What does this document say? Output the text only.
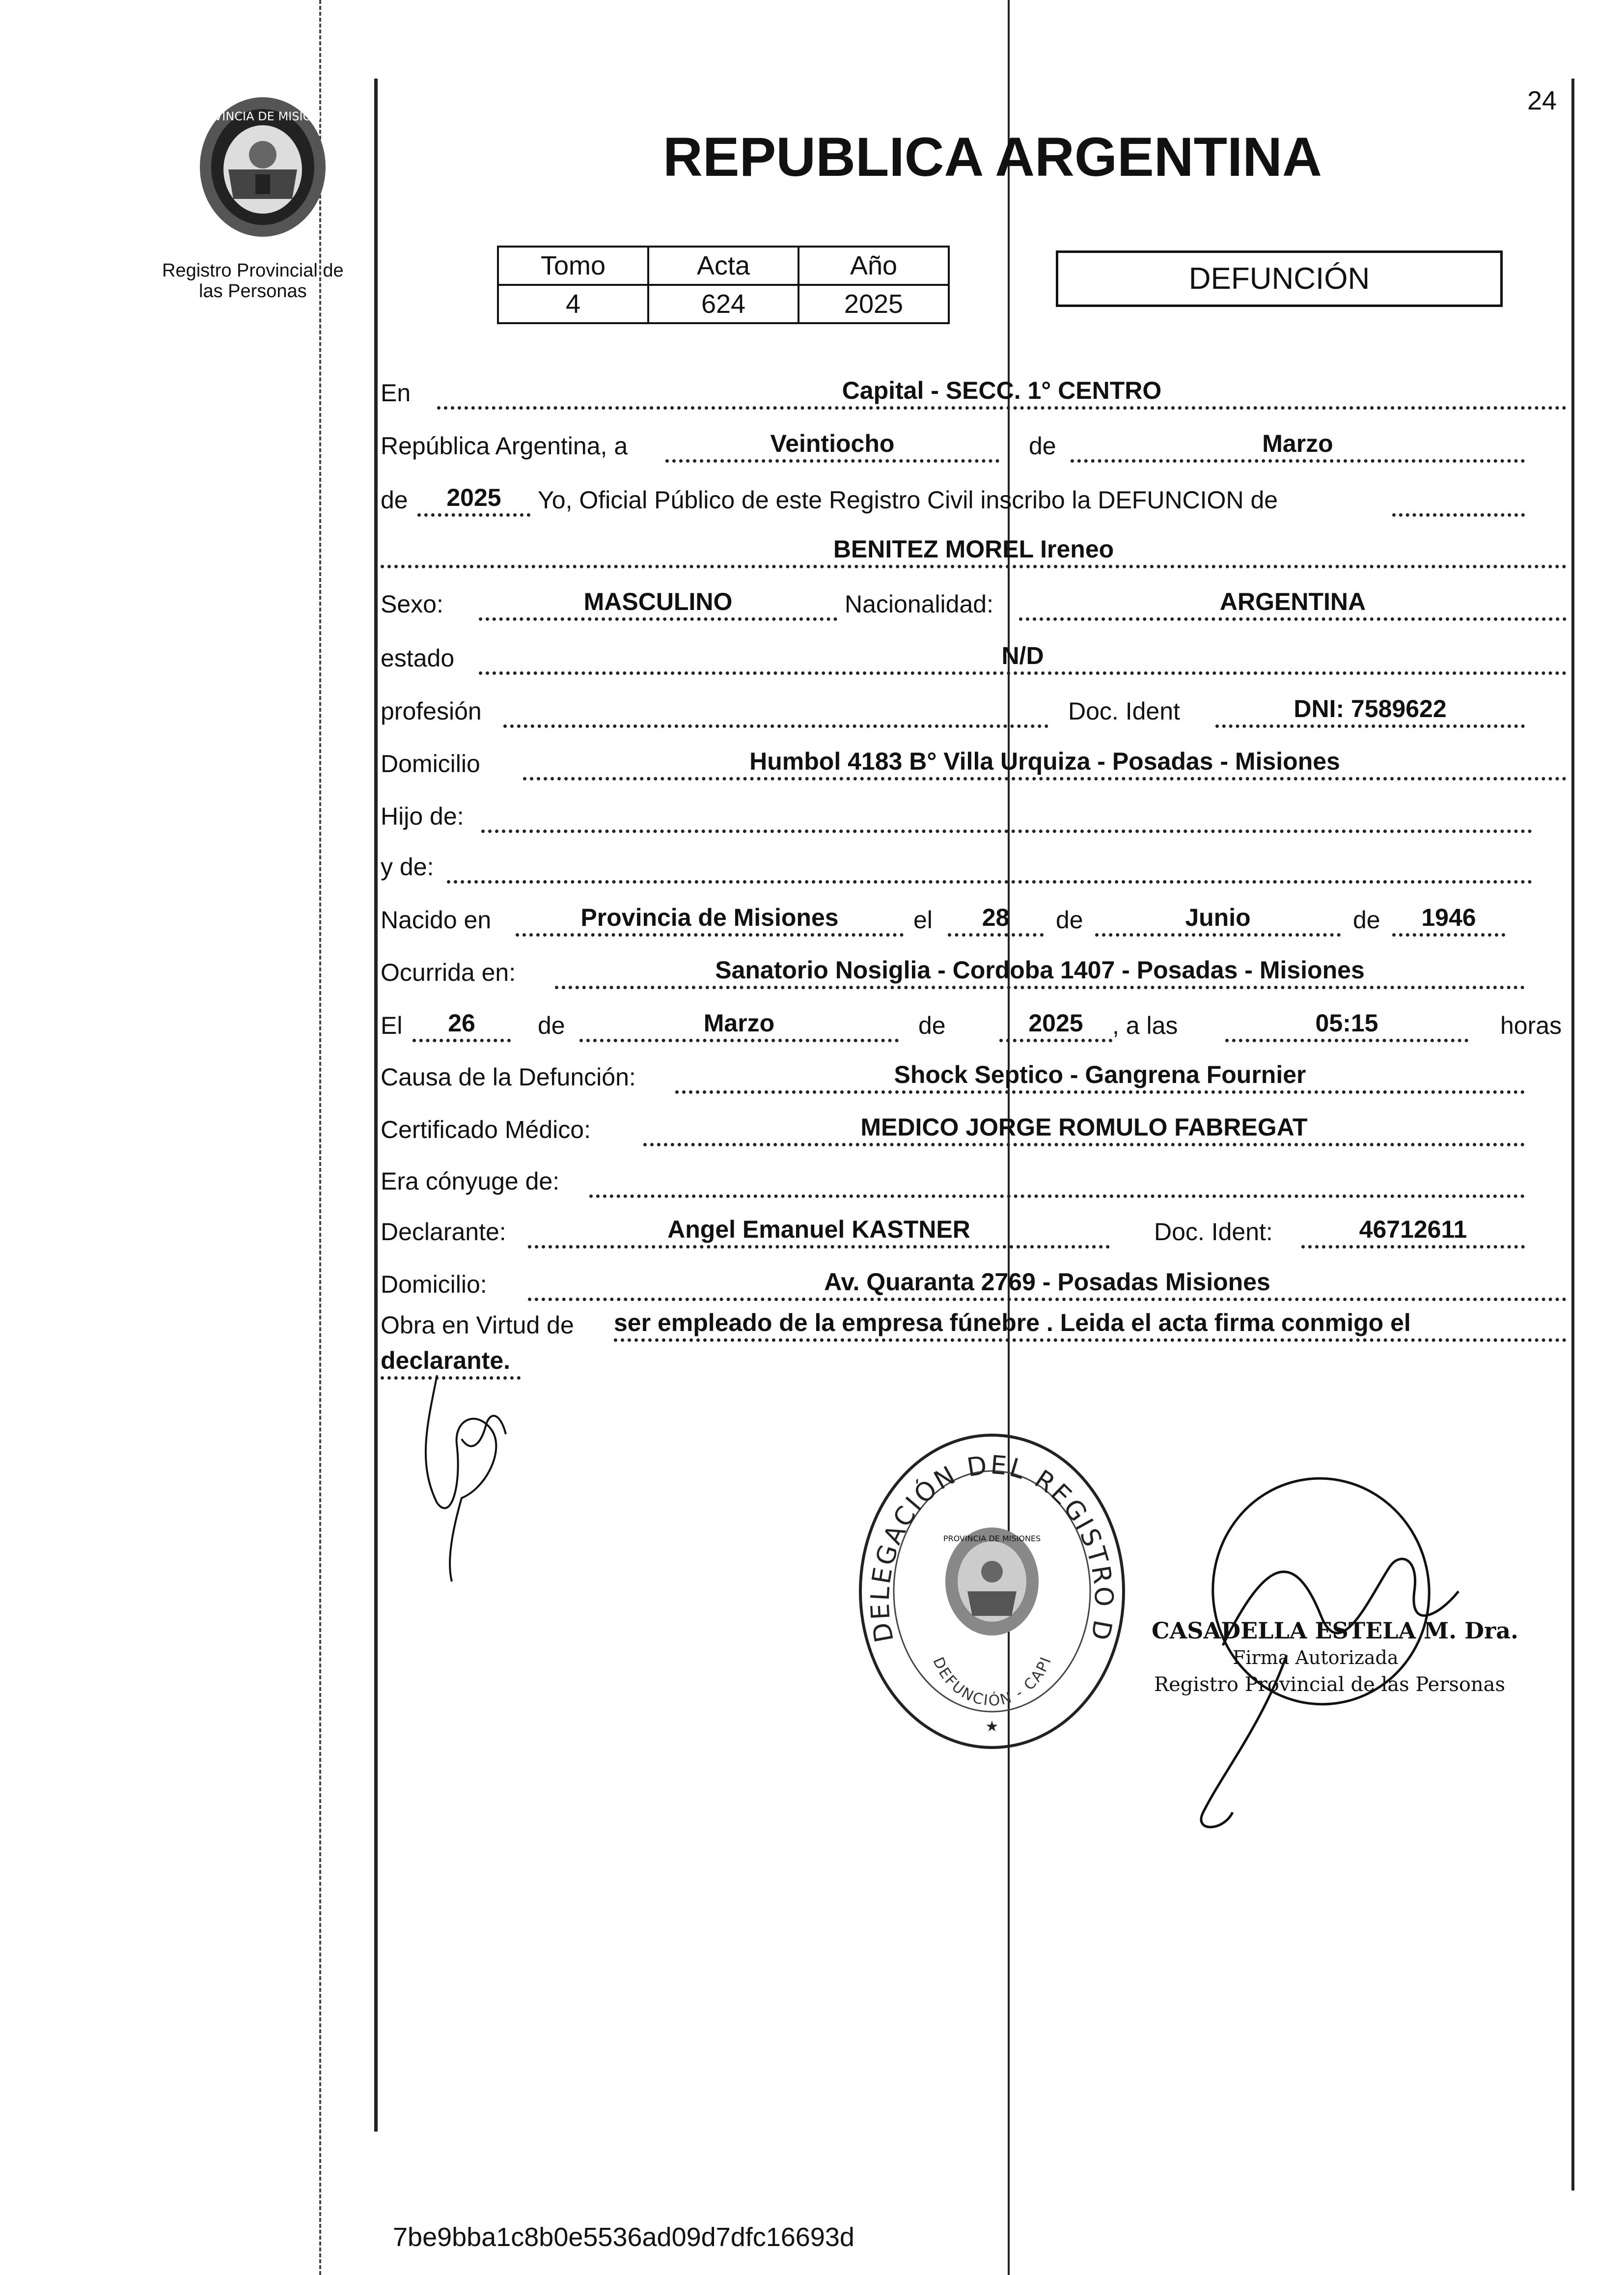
24
PROVINCIA DE MISIONES
Registro Provincial de
las Personas
REPUBLICA ARGENTINA
Tomo	Acta	Año
4	624	2025
DEFUNCIÓN
En	Capital - SECC. 1° CENTRO
República Argentina, a	Veintiocho	de	Marzo
de	2025	Yo, Oficial Público de este Registro Civil inscribo la DEFUNCION de
BENITEZ MOREL Ireneo
Sexo:	MASCULINO	Nacionalidad:	ARGENTINA
estado	N/D
profesión	Doc. Ident	DNI: 7589622
Domicilio	Humbol 4183 B° Villa Urquiza - Posadas - Misiones
Hijo de:
y de:
Nacido en	Provincia de Misiones	el	28	de	Junio	de	1946
Ocurrida en:	Sanatorio Nosiglia - Cordoba 1407 - Posadas - Misiones
El	26	de	Marzo	de	2025	, a las	05:15	horas
Causa de la Defunción:	Shock Septico - Gangrena Fournier
Certificado Médico:	MEDICO JORGE ROMULO FABREGAT
Era cónyuge de:
Declarante:	Angel Emanuel KASTNER	Doc. Ident:	46712611
Domicilio:	Av. Quaranta 2769 - Posadas Misiones
Obra en Virtud de ser empleado de la empresa fúnebre . Leida el acta firma conmigo el
declarante.
DELEGACIÓN DEL REGISTRO D
DEFUNCIÓN - CAPI
PROVINCIA DE MISIONES
★
CASADELLA ESTELA M. Dra.
Firma Autorizada
Registro Provincial de las Personas
7be9bba1c8b0e5536ad09d7dfc16693d
